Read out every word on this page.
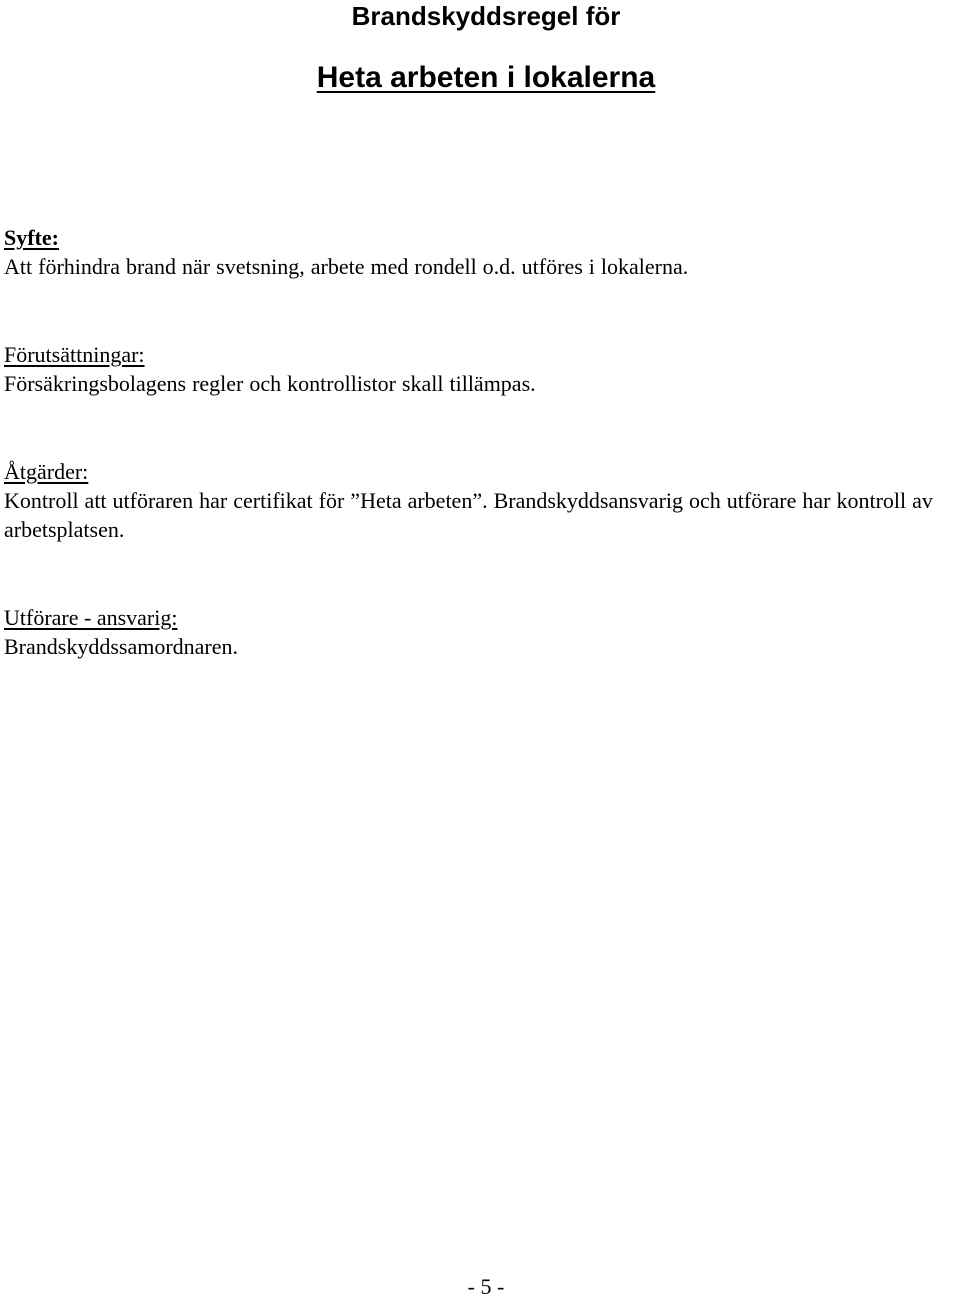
Brandskyddsregel för
Heta arbeten i lokalerna

Syfte:

Att förhindra brand när svetsning, arbete med rondell o.d. utföres i lokalerna.

Förutsättningar:

Försäkringsbolagens regler och kontrollistor skall tillämpas.

Åtgärder:

Kontroll att utföraren har certifikat för ”Heta arbeten”. Brandskyddsansvarig och utförare har kontroll av arbetsplatsen.

Utförare - ansvarig:

Brandskyddssamordnaren.

- 5 -
